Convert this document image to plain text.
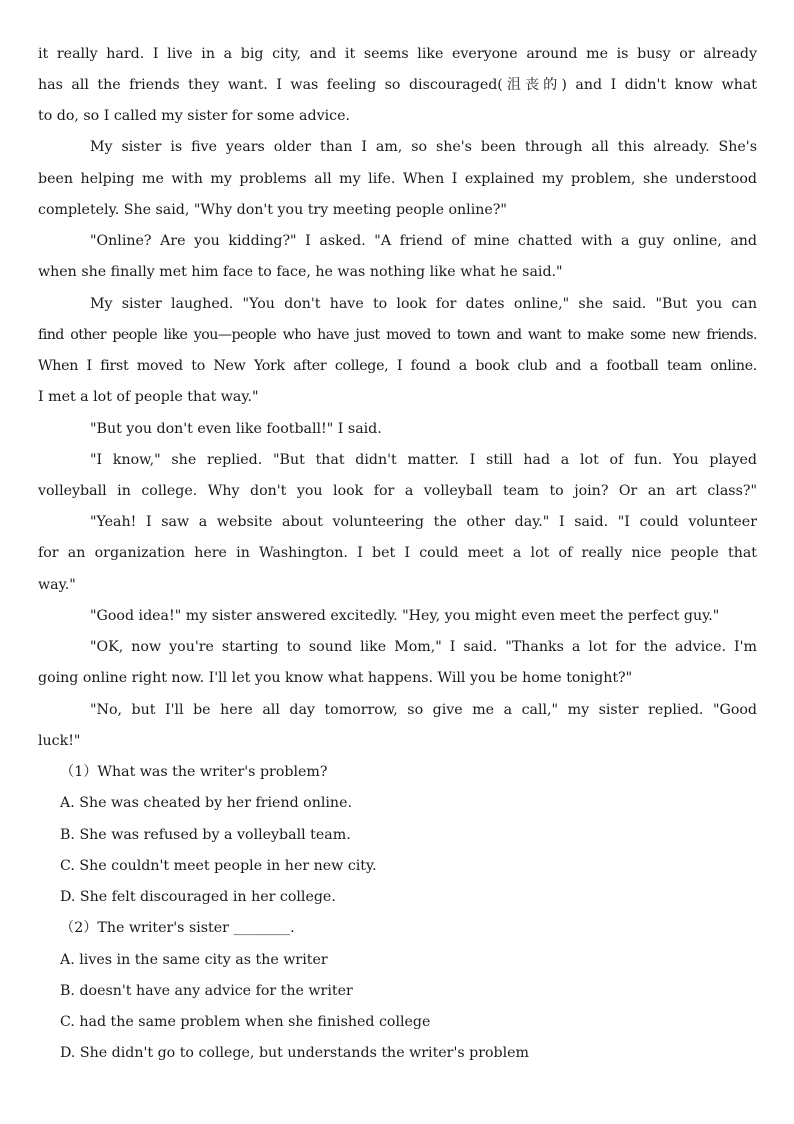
it really hard. I live in a big city, and it seems like everyone around me is busy or already
has all the friends they want. I was feeling so discouraged(沮丧的) and I didn't know what
to do, so I called my sister for some advice.
My sister is five years older than I am, so she's been through all this already. She's
been helping me with my problems all my life. When I explained my problem, she understood
completely. She said, "Why don't you try meeting people online?"
"Online? Are you kidding?" I asked. "A friend of mine chatted with a guy online, and
when she finally met him face to face, he was nothing like what he said."
My sister laughed. "You don't have to look for dates online," she said. "But you can
find other people like you—people who have just moved to town and want to make some new friends.
When I first moved to New York after college, I found a book club and a football team online.
I met a lot of people that way."
"But you don't even like football!" I said.
"I know," she replied. "But that didn't matter. I still had a lot of fun. You played
volleyball in college. Why don't you look for a volleyball team to join? Or an art class?"
"Yeah! I saw a website about volunteering the other day." I said. "I could volunteer
for an organization here in Washington. I bet I could meet a lot of really nice people that
way."
"Good idea!" my sister answered excitedly. "Hey, you might even meet the perfect guy."
"OK, now you're starting to sound like Mom," I said. "Thanks a lot for the advice. I'm
going online right now. I'll let you know what happens. Will you be home tonight?"
"No, but I'll be here all day tomorrow, so give me a call," my sister replied. "Good
luck!"
（1）What was the writer's problem?
A. She was cheated by her friend online.
B. She was refused by a volleyball team.
C. She couldn't meet people in her new city.
D. She felt discouraged in her college.
（2）The writer's sister ________.
A. lives in the same city as the writer
B. doesn't have any advice for the writer
C. had the same problem when she finished college
D. She didn't go to college, but understands the writer's problem
